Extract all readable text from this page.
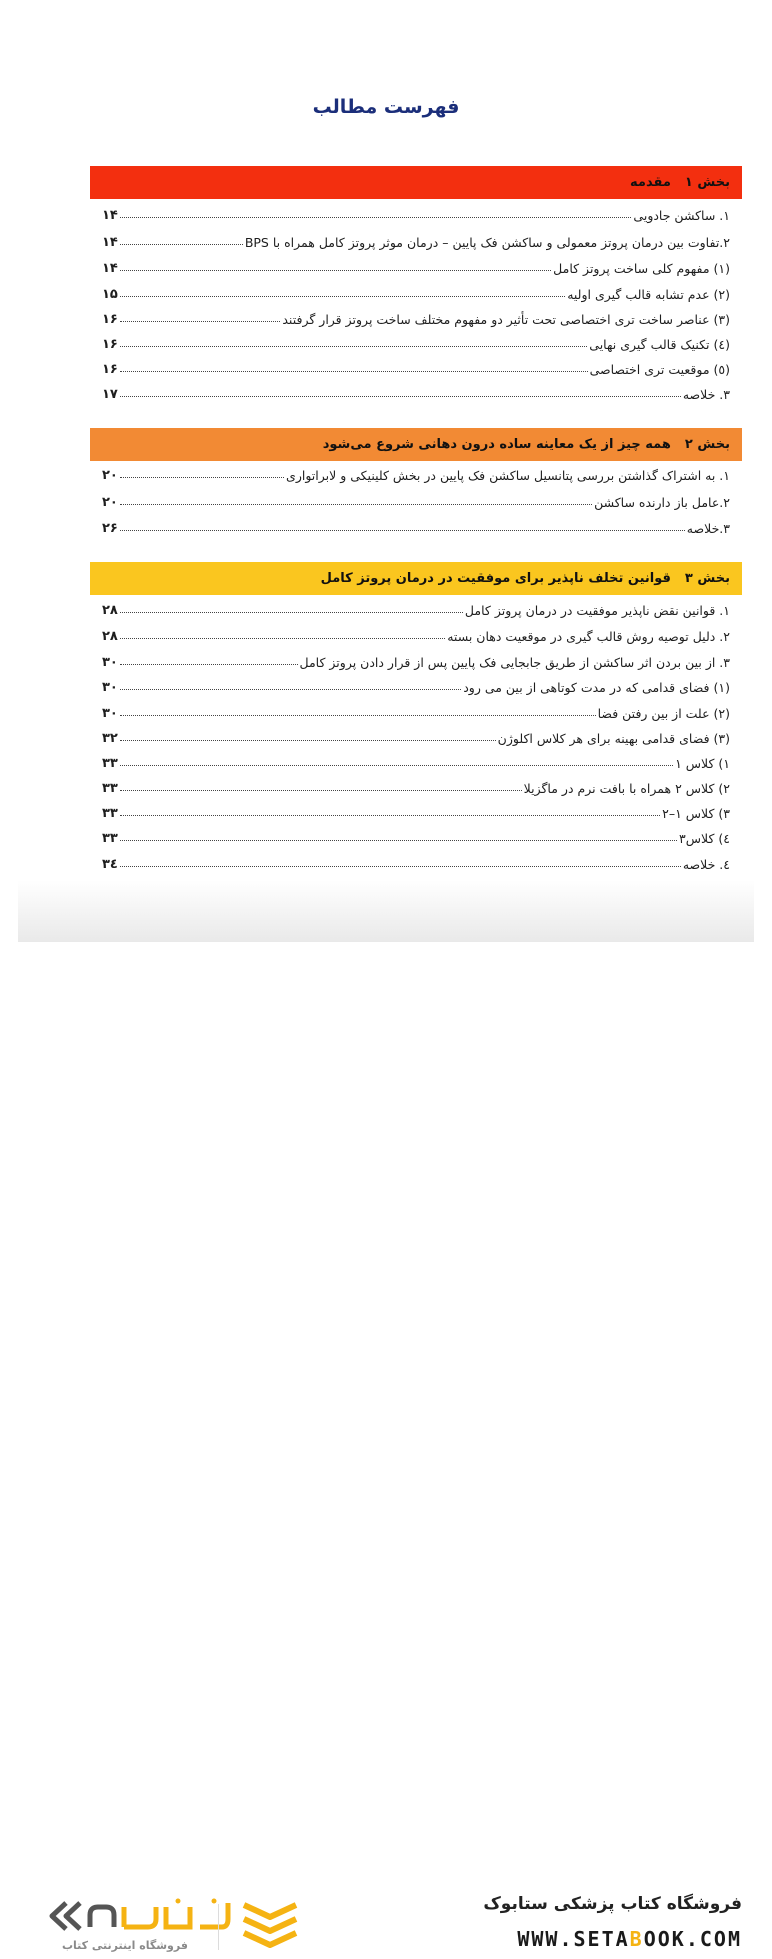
فهرست مطالب
بخش ۱
مقدمه
۱. ساکشن جادویی
۱۴
۲.تفاوت بین درمان پروتز معمولی و ساکشن فک پایین – درمان موثر پروتز کامل همراه با BPS
۱۴
(۱) مفهوم کلی ساخت پروتز کامل
۱۴
(۲) عدم تشابه قالب گیری اولیه
۱۵
(۳) عناصر ساخت تری اختصاصی تحت تأثیر دو مفهوم مختلف ساخت پروتز قرار گرفتند
۱۶
(٤) تکنیک قالب گیری نهایی
۱۶
(٥) موقعیت تری اختصاصی
۱۶
۳. خلاصه
۱۷
بخش ۲
همه چیز از یک معاینه ساده درون دهانی شروع می‌شود
۱. به اشتراک گذاشتن بررسی پتانسیل ساکشن فک پایین در بخش کلینیکی و لابراتواری
۲۰
۲.عامل باز دارنده ساکشن
۲۰
۳.خلاصه
۲۶
بخش ۳
قوانین تخلف ناپذیر برای موفقیت در درمان پروتز کامل
۱. قوانین نقض ناپذیر موفقیت در درمان پروتز کامل
۲۸
۲. دلیل توصیه روش قالب گیری در موقعیت دهان بسته
۲۸
۳. از بین بردن اثر ساکشن از طریق جابجایی فک پایین پس از قرار دادن پروتز کامل
۳۰
(۱) فضای قدامی که در مدت کوتاهی از بین می رود
۳۰
(۲) علت از بین رفتن فضا
۳۰
(۳) فضای قدامی بهینه برای هر کلاس اکلوژن
۳۲
۱) کلاس ۱
۳۳
۲) کلاس ۲ همراه با بافت نرم در ماگزیلا
۳۳
۳) کلاس ۱–۲
۳۳
٤) کلاس۳
۳۳
٤. خلاصه
۳٤
فروشگاه کتاب پزشکی ستابوک
WWW.SETABOOK.COM
فروشگاه اینترنتی کتاب
